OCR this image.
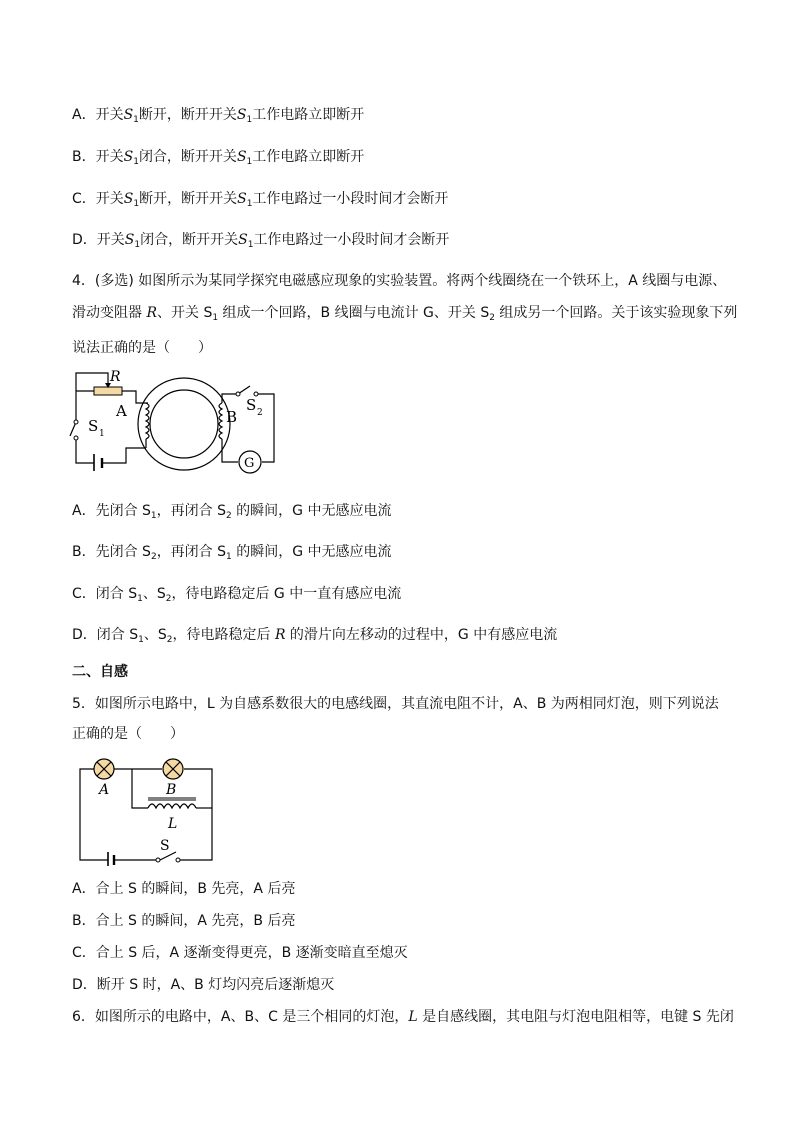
A．开关$S_1$断开，断开开关$S_1$工作电路立即断开
B．开关$S_1$闭合，断开开关$S_1$工作电路立即断开
C．开关$S_1$断开，断开开关$S_1$工作电路过一小段时间才会断开
D．开关$S_1$闭合，断开开关$S_1$工作电路过一小段时间才会断开
4．(多选) 如图所示为某同学探究电磁感应现象的实验装置。将两个线圈绕在一个铁环上，A 线圈与电源、
滑动变阻器 R、开关 $S_1$ 组成一个回路，B 线圈与电流计 G、开关 $S_2$ 组成另一个回路。关于该实验现象下列
说法正确的是（　　）
R
A	B
S 1
S 2
G
A．先闭合 $S_1$，再闭合 $S_2$ 的瞬间，G 中无感应电流
B．先闭合 $S_2$，再闭合 $S_1$ 的瞬间，G 中无感应电流
C．闭合 $S_1$、$S_2$，待电路稳定后 G 中一直有感应电流
D．闭合 $S_1$、$S_2$，待电路稳定后 R 的滑片向左移动的过程中，G 中有感应电流
二、自感
5．如图所示电路中，L 为自感系数很大的电感线圈，其直流电阻不计，A、B 为两相同灯泡，则下列说法
正确的是（　　）
A	B
L
S
A．合上 S 的瞬间，B 先亮，A 后亮
B．合上 S 的瞬间，A 先亮，B 后亮
C．合上 S 后，A 逐渐变得更亮，B 逐渐变暗直至熄灭
D．断开 S 时，A、B 灯均闪亮后逐渐熄灭
6．如图所示的电路中，A、B、C 是三个相同的灯泡，L 是自感线圈，其电阻与灯泡电阻相等，电键 S 先闭
